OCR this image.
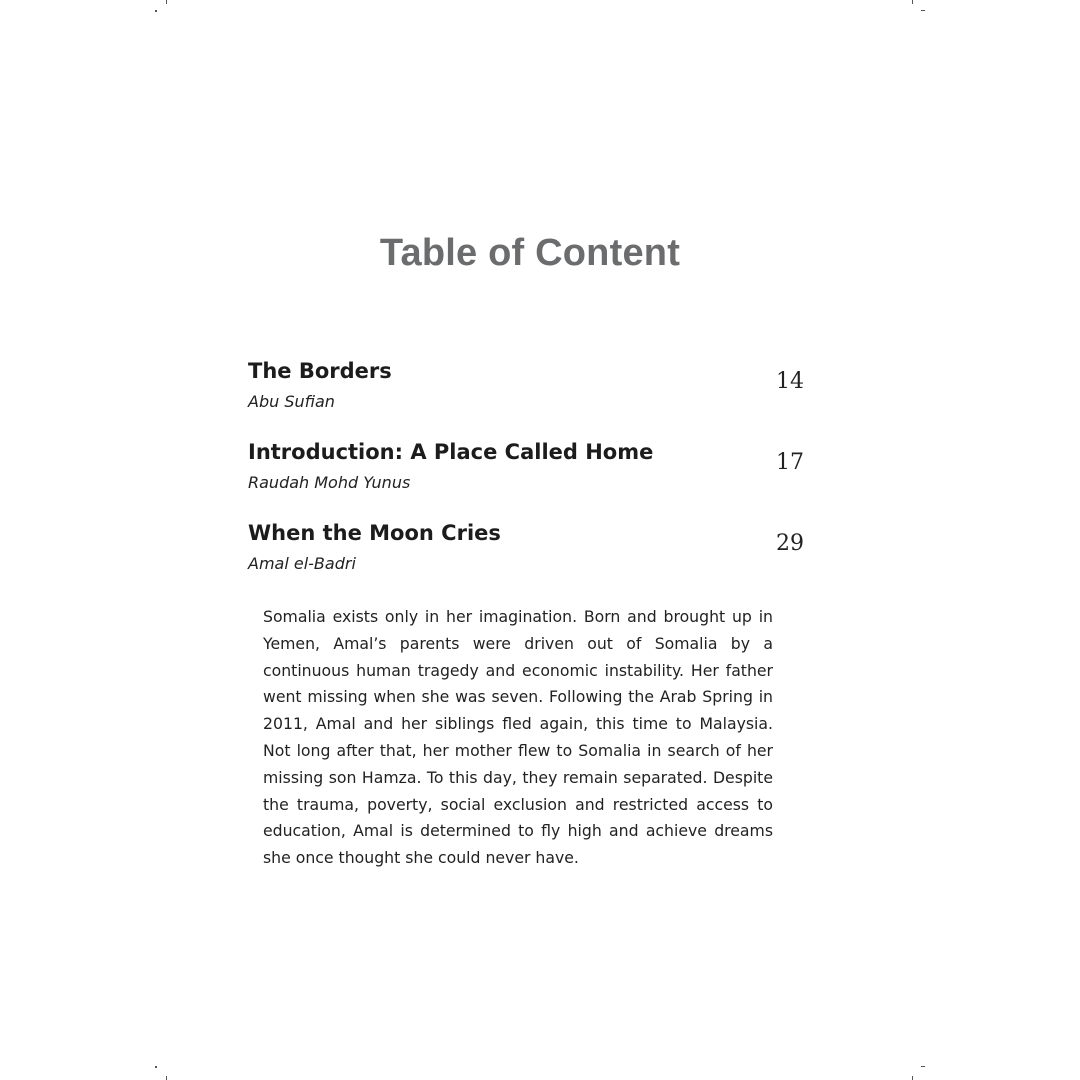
Table of Content
The Borders
Abu Sufian
14
Introduction: A Place Called Home
Raudah Mohd Yunus
17
When the Moon Cries
Amal el-Badri
29

Somalia exists only in her imagination. Born and brought up in Yemen, Amal’s parents were driven out of Somalia by a continuous human tragedy and economic instability. Her father went missing when she was seven. Following the Arab Spring in 2011, Amal and her siblings fled again, this time to Malaysia. Not long after that, her mother flew to Somalia in search of her missing son Hamza. To this day, they remain separated. Despite the trauma, poverty, social exclusion and restricted access to education, Amal is determined to fly high and achieve dreams she once thought she could never have.
